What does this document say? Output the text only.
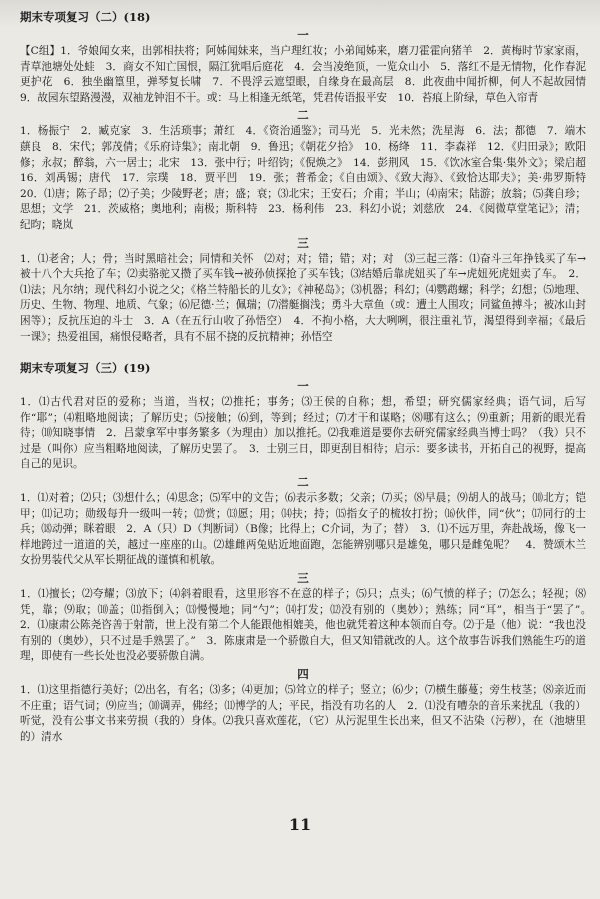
期末专项复习（二）(18)
一

【C组】1．爷娘闻女来，出郭相扶将；阿姊闻妹来，当户理红妆；小弟闻姊来，磨刀霍霍向猪羊　2．黄梅时节家家雨，青草池塘处处蛙　3．商女不知亡国恨，隔江犹唱后庭花　4．会当凌绝顶，一览众山小　5．落红不是无情物，化作春泥更护花　6．独坐幽篁里，弹琴复长啸　7．不畏浮云遮望眼，自缘身在最高层　8．此夜曲中闻折柳，何人不起故园情　9．故园东望路漫漫，双袖龙钟泪不干。或：马上相逢无纸笔，凭君传语报平安　10．苔痕上阶绿，草色入帘青

二

1．杨振宁　2．臧克家　3．生活琐事；萧红　4．《资治通鉴》；司马光　5．光未然；洗星海　6．法；都德　7．端木蕻良　8．宋代；郭茂倩；《乐府诗集》；南北朝　9．鲁迅；《朝花夕拾》　10．杨绛　11．李森祥　12．《归田录》；欧阳修；永叔；醉翁，六一居士；北宋　13．张中行；叶绍钧；《倪焕之》　14．彭荆风　15．《饮冰室合集·集外文》；梁启超　16．刘禹锡；唐代　17．宗璞　18．贾平凹　19．张；普希金；《自由颂》、《致大海》、《致恰达耶夫》；美·弗罗斯特　20．⑴唐；陈子昂；⑵子美；少陵野老；唐；盛；衰；⑶北宋；王安石；介甫；半山；⑷南宋；陆游；放翁；⑸龚自珍；思想；文学　21．茨威格；奥地利；南极；斯科特　23．杨利伟　23．科幻小说；刘慈欣　24．《阅微草堂笔记》；清；纪昀；晓岚

三

1．⑴老舍；人；骨；当时黑暗社会；同情和关怀　⑵对；对；错；错；对；对　⑶三起三落：⑴奋斗三年挣钱买了车→被十八个大兵抢了车；⑵卖骆驼又攒了买车钱→被孙侦探抢了买车钱；⑶结婚后靠虎妞买了车→虎妞死虎妞卖了车。　2．⑴法；凡尔纳；现代科幻小说之父；《格兰特船长的儿女》；《神秘岛》；⑶机器；科幻；⑷鹦鹉螺；科学；幻想；⑸地理、历史、生物、物理、地质、气象；⑹尼德·兰；佩瑞；⑺潜艇搁浅；勇斗大章鱼（或：遭土人围攻；同鲨鱼搏斗；被冰山封困等）；反抗压迫的斗士　3．A（在五行山收了孙悟空）　4．不拘小格，大大咧咧，很注重礼节，渴望得到幸福；《最后一课》；热爱祖国，痛恨侵略者，具有不屈不挠的反抗精神；孙悟空

期末专项复习（三）(19)
一

1．⑴古代君对臣的爱称；当道，当权；⑵推托；事务；⑶王侯的自称；想，希望；研究儒家经典；语气词，后写作“耶”；⑷粗略地阅读；了解历史；⑸接触；⑹到，等到；经过；⑺才干和谋略；⑻哪有这么；⑼重新；用新的眼光看待；⑽知晓事情　2．吕蒙拿军中事务繁多（为理由）加以推托。⑵我难道是要你去研究儒家经典当博士吗？（我）只不过是（叫你）应当粗略地阅读，了解历史罢了。　3．士别三日，即更刮目相待；启示：要多读书，开拓自己的视野，提高自己的见识。

二

1．⑴对着；⑵只；⑶想什么；⑷思念；⑸军中的文告；⑹表示多数；父亲；⑺买；⑻早晨；⑼胡人的战马；⑽北方；铠甲；⑾记功；勋级每升一级叫一转；⑿赏；⒀愿；用；⒁扶；持；⒂指女子的梳妆打扮；⒃伙伴，同“伙”；⒄同行的士兵；⒅动弹；眯着眼　2．A（只）D（判断词）（B像；比得上；C介词，为了；替）　3．⑴不远万里，奔赴战场，像飞一样地跨过一道道的关，越过一座座的山。⑵雄雌两兔贴近地面跑，怎能辨别哪只是雄兔，哪只是雌兔呢？　4．赞颂木兰女扮男装代父从军长期征战的谨慎和机敏。

三

1．⑴擅长；⑵夸耀；⑶放下；⑷斜着眼看，这里形容不在意的样子；⑸只；点头；⑹气愤的样子；⑺怎么；轻视；⑻凭，靠；⑼取；⑽盖；⑾指倒入；⒀慢慢地；同“勺”；⒁打发；⑿没有别的（奥妙）；熟练；同“耳”，相当于“罢了”。　2．⑴康肃公陈尧咨善于射箭，世上没有第二个人能跟他相媲美，他也就凭着这种本领而自夸。⑵于是（他）说：“我也没有别的（奥妙），只不过是手熟罢了。”　3．陈康肃是一个骄傲自大，但又知错就改的人。这个故事告诉我们熟能生巧的道理，即使有一些长处也没必要骄傲自满。

四

1．⑴这里指德行美好；⑵出名，有名；⑶多；⑷更加；⑸耸立的样子；竖立；⑹少；⑺横生藤蔓；旁生枝茎；⑻亲近而不庄重；语气词；⑼应当；⑽调弄，佛经；⑾博学的人；平民，指没有功名的人　2．⑴没有嘈杂的音乐来扰乱（我的）听觉，没有公事文书来劳损（我的）身体。⑵我只喜欢莲花，（它）从污泥里生长出来，但又不沾染（污秽），在（池塘里的）清水

11
